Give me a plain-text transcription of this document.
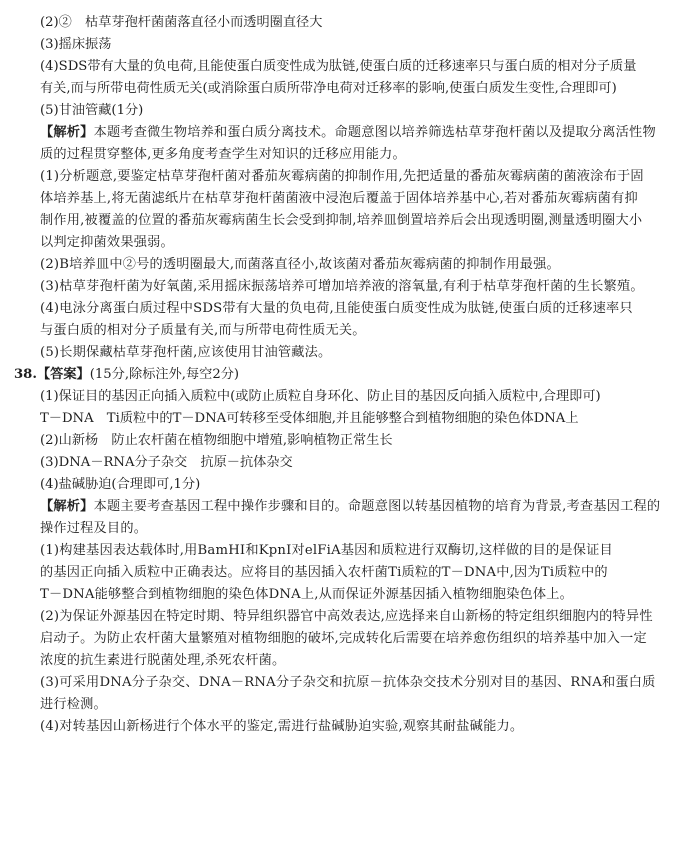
(2)②　枯草芽孢杆菌菌落直径小而透明圈直径大
(3)摇床振荡
(4)SDS带有大量的负电荷,且能使蛋白质变性成为肽链,使蛋白质的迁移速率只与蛋白质的相对分子质量
有关,而与所带电荷性质无关(或消除蛋白质所带净电荷对迁移率的影响,使蛋白质发生变性,合理即可)
(5)甘油管藏(1分)
【解析】本题考查微生物培养和蛋白质分离技术。命题意图以培养筛选枯草芽孢杆菌以及提取分离活性物
质的过程贯穿整体,更多角度考查学生对知识的迁移应用能力。
(1)分析题意,要鉴定枯草芽孢杆菌对番茄灰霉病菌的抑制作用,先把适量的番茄灰霉病菌的菌液涂布于固
体培养基上,将无菌滤纸片在枯草芽孢杆菌菌液中浸泡后覆盖于固体培养基中心,若对番茄灰霉病菌有抑
制作用,被覆盖的位置的番茄灰霉病菌生长会受到抑制,培养皿倒置培养后会出现透明圈,测量透明圈大小
以判定抑菌效果强弱。
(2)B培养皿中②号的透明圈最大,而菌落直径小,故该菌对番茄灰霉病菌的抑制作用最强。
(3)枯草芽孢杆菌为好氧菌,采用摇床振荡培养可增加培养液的溶氧量,有利于枯草芽孢杆菌的生长繁殖。
(4)电泳分离蛋白质过程中SDS带有大量的负电荷,且能使蛋白质变性成为肽链,使蛋白质的迁移速率只
与蛋白质的相对分子质量有关,而与所带电荷性质无关。
(5)长期保藏枯草芽孢杆菌,应该使用甘油管藏法。
38.【答案】(15分,除标注外,每空2分)
(1)保证目的基因正向插入质粒中(或防止质粒自身环化、防止目的基因反向插入质粒中,合理即可)
T－DNA　Ti质粒中的T－DNA可转移至受体细胞,并且能够整合到植物细胞的染色体DNA上
(2)山新杨　防止农杆菌在植物细胞中增殖,影响植物正常生长
(3)DNA－RNA分子杂交　抗原－抗体杂交
(4)盐碱胁迫(合理即可,1分)
【解析】本题主要考查基因工程中操作步骤和目的。命题意图以转基因植物的培育为背景,考查基因工程的
操作过程及目的。
(1)构建基因表达载体时,用BamHⅠ和KpnⅠ对elFiA基因和质粒进行双酶切,这样做的目的是保证目
的基因正向插入质粒中正确表达。应将目的基因插入农杆菌Ti质粒的T－DNA中,因为Ti质粒中的
T－DNA能够整合到植物细胞的染色体DNA上,从而保证外源基因插入植物细胞染色体上。
(2)为保证外源基因在特定时期、特异组织器官中高效表达,应选择来自山新杨的特定组织细胞内的特异性
启动子。为防止农杆菌大量繁殖对植物细胞的破坏,完成转化后需要在培养愈伤组织的培养基中加入一定
浓度的抗生素进行脱菌处理,杀死农杆菌。
(3)可采用DNA分子杂交、DNA－RNA分子杂交和抗原－抗体杂交技术分别对目的基因、RNA和蛋白质
进行检测。
(4)对转基因山新杨进行个体水平的鉴定,需进行盐碱胁迫实验,观察其耐盐碱能力。
